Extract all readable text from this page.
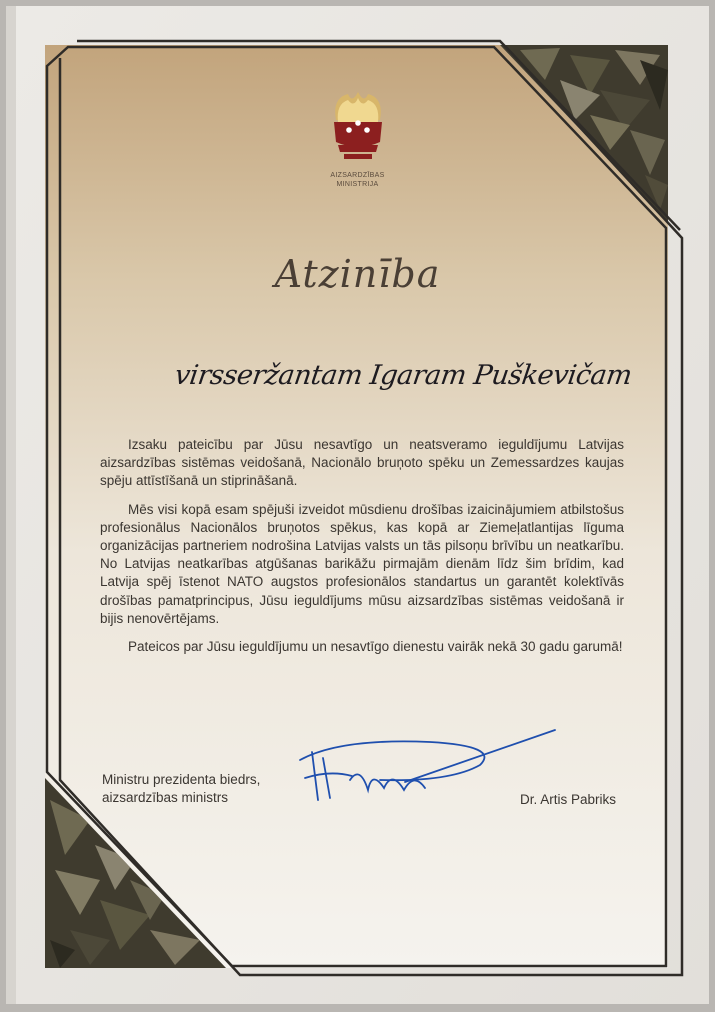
AIZSARDZĪBAS
MINISTRIJA
Atzinība
virsseržantam Igaram Puškevičam

Izsaku pateicību par Jūsu nesavtīgo un neatsveramo ieguldījumu Latvijas aizsardzības sistēmas veidošanā, Nacionālo bruņoto spēku un Zemessardzes kaujas spēju attīstīšanā un stiprināšanā.

Mēs visi kopā esam spējuši izveidot mūsdienu drošības izaicinājumiem atbilstošus profesionālus Nacionālos bruņotos spēkus, kas kopā ar Ziemeļatlantijas līguma organizācijas partneriem nodrošina Latvijas valsts un tās pilsoņu brīvību un neatkarību. No Latvijas neatkarības atgūšanas barikāžu pirmajām dienām līdz šim brīdim, kad Latvija spēj īstenot NATO augstos profesionālos standartus un garantēt kolektīvās drošības pamatprincipus, Jūsu ieguldījums mūsu aizsardzības sistēmas veidošanā ir bijis nenovērtējams.

Pateicos par Jūsu ieguldījumu un nesavtīgo dienestu vairāk nekā 30 gadu garumā!

Ministru prezidenta biedrs,
aizsardzības ministrs	Dr. Artis Pabriks
